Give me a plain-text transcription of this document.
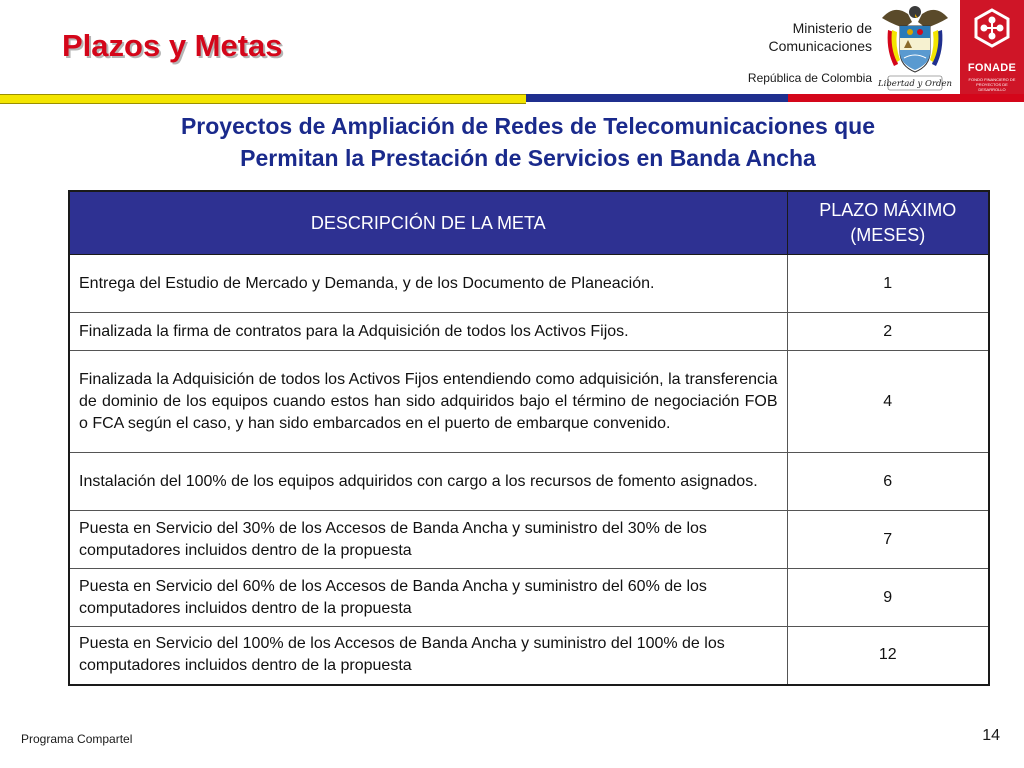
Plazos y Metas	Ministerio de
Comunicaciones
República de Colombia Libertad y Orden
FONADE
FONDO FINANCIERO DE PROYECTOS DE DESARROLLO
Proyectos de Ampliación de Redes de Telecomunicaciones que
Permitan la Prestación de Servicios en Banda Ancha
DESCRIPCIÓN DE LA META	PLAZO MÁXIMO
(MESES)
Entrega del Estudio de Mercado y Demanda, y de los Documento de Planeación.	1
Finalizada la firma de contratos para la Adquisición de todos los Activos Fijos.	2
Finalizada la Adquisición de todos los Activos Fijos entendiendo como adquisición, la transferencia de dominio de los equipos cuando estos han sido adquiridos bajo el término de negociación FOB o FCA según el caso, y han sido embarcados en el puerto de embarque convenido.	4
Instalación del 100% de los equipos adquiridos con cargo a los recursos de fomento asignados.	6
Puesta en Servicio del 30% de los Accesos de Banda Ancha y suministro del 30% de los computadores incluidos dentro de la propuesta	7
Puesta en Servicio del 60% de los Accesos de Banda Ancha y suministro del 60% de los computadores incluidos dentro de la propuesta	9
Puesta en Servicio del 100% de los Accesos de Banda Ancha y suministro del 100% de los computadores incluidos dentro de la propuesta	12
Programa Compartel	14
